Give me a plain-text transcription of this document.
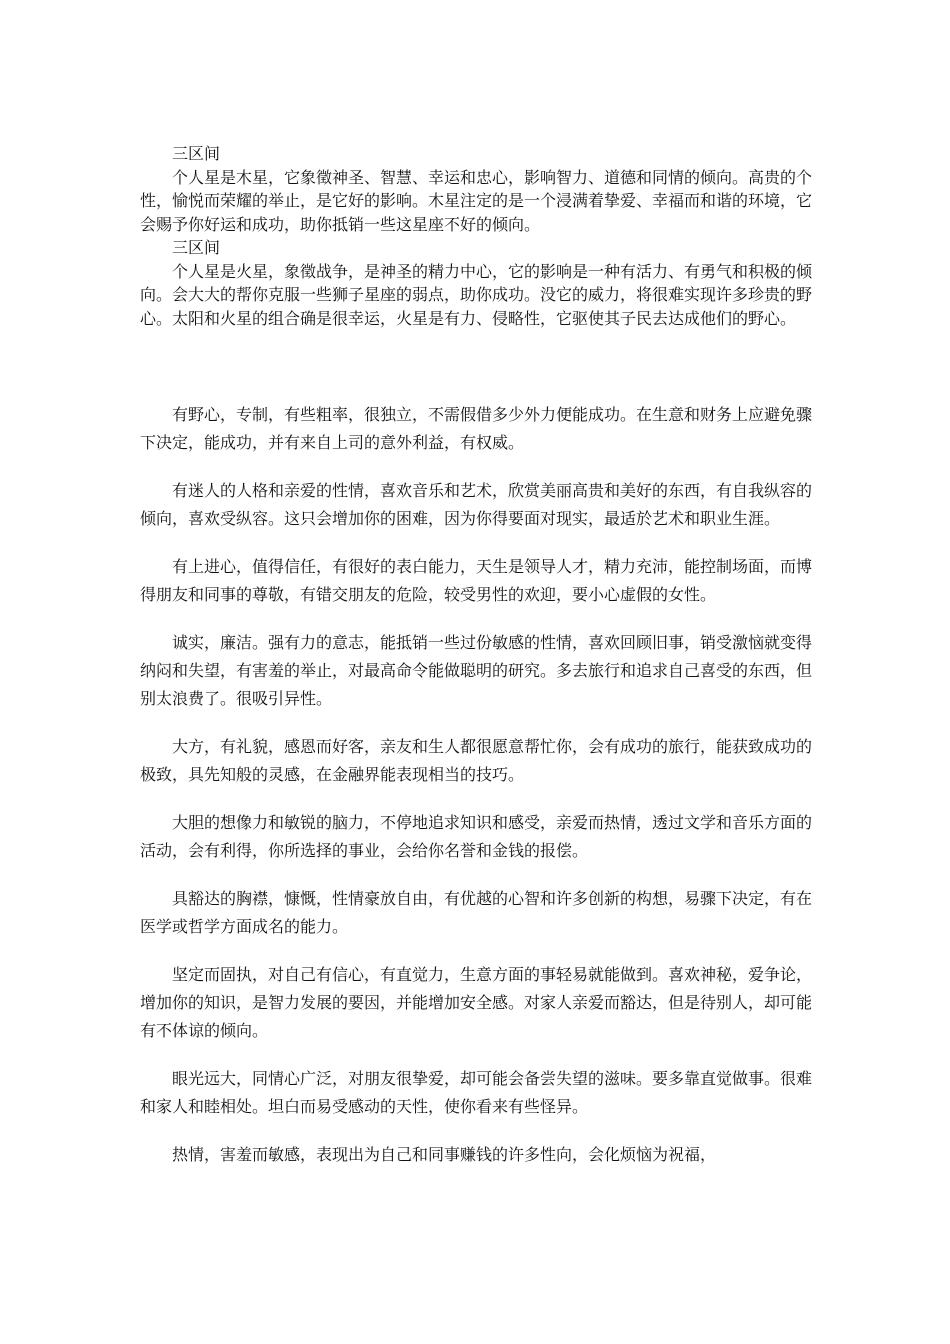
三区间

个人星是木星，它象徵神圣、智慧、幸运和忠心，影响智力、道德和同情的倾向。高贵的个性，愉悦而荣耀的举止，是它好的影响。木星注定的是一个浸满着挚爱、幸福而和谐的环境，它会赐予你好运和成功，助你抵销一些这星座不好的倾向。

三区间

个人星是火星，象徵战争，是神圣的精力中心，它的影响是一种有活力、有勇气和积极的倾向。会大大的帮你克服一些狮子星座的弱点，助你成功。没它的威力，将很难实现许多珍贵的野心。太阳和火星的组合确是很幸运，火星是有力、侵略性，它驱使其子民去达成他们的野心。

有野心，专制，有些粗率，很独立，不需假借多少外力便能成功。在生意和财务上应避免骤下决定，能成功，并有来自上司的意外利益，有权威。

有迷人的人格和亲爱的性情，喜欢音乐和艺术，欣赏美丽高贵和美好的东西，有自我纵容的倾向，喜欢受纵容。这只会增加你的困难，因为你得要面对现实，最适於艺术和职业生涯。

有上进心，值得信任，有很好的表白能力，天生是领导人才，精力充沛，能控制场面，而博得朋友和同事的尊敬，有错交朋友的危险，较受男性的欢迎，要小心虚假的女性。

诚实，廉洁。强有力的意志，能抵销一些过份敏感的性情，喜欢回顾旧事，销受激恼就变得纳闷和失望，有害羞的举止，对最高命令能做聪明的研究。多去旅行和追求自己喜受的东西，但别太浪费了。很吸引异性。

大方，有礼貌，感恩而好客，亲友和生人都很愿意帮忙你，会有成功的旅行，能获致成功的极致，具先知般的灵感，在金融界能表现相当的技巧。

大胆的想像力和敏锐的脑力，不停地追求知识和感受，亲爱而热情，透过文学和音乐方面的活动，会有利得，你所选择的事业，会给你名誉和金钱的报偿。

具豁达的胸襟，慷慨，性情豪放自由，有优越的心智和许多创新的构想，易骤下决定，有在医学或哲学方面成名的能力。

坚定而固执，对自己有信心，有直觉力，生意方面的事轻易就能做到。喜欢神秘，爱争论，增加你的知识，是智力发展的要因，并能增加安全感。对家人亲爱而豁达，但是待别人，却可能有不体谅的倾向。

眼光远大，同情心广泛，对朋友很挚爱，却可能会备尝失望的滋味。要多靠直觉做事。很难和家人和睦相处。坦白而易受感动的天性，使你看来有些怪异。

热情，害羞而敏感，表现出为自己和同事赚钱的许多性向，会化烦恼为祝福，
